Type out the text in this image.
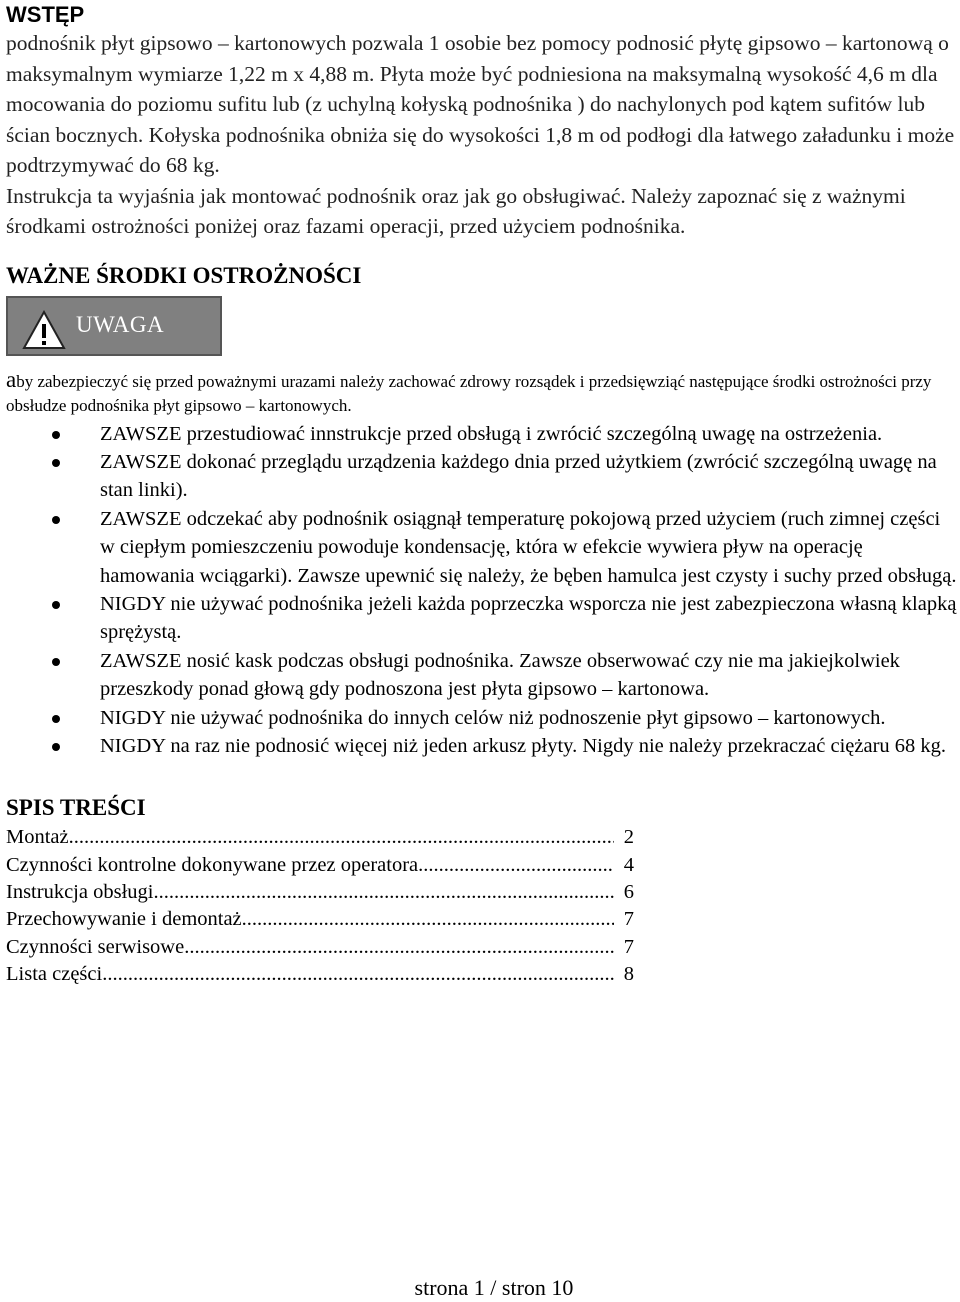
WSTĘP

podnośnik płyt gipsowo – kartonowych pozwala 1 osobie bez pomocy podnosić płytę gipsowo – kartonową o maksymalnym wymiarze 1,22 m x 4,88 m. Płyta może być podniesiona na maksymalną wysokość 4,6 m dla mocowania do poziomu sufitu lub (z uchylną kołyską podnośnika ) do nachylonych pod kątem sufitów lub ścian bocznych. Kołyska podnośnika obniża się do wysokości 1,8 m od podłogi dla łatwego załadunku i może podtrzymywać do 68 kg.

Instrukcja ta wyjaśnia jak montować podnośnik oraz jak go obsługiwać. Należy zapoznać się z ważnymi środkami ostrożności poniżej oraz fazami operacji, przed użyciem podnośnika.

WAŻNE ŚRODKI OSTROŻNOŚCI
UWAGA
aby zabezpieczyć się przed poważnymi urazami należy zachować zdrowy rozsądek i przedsięwziąć następujące środki ostrożności przy obsłudze podnośnika płyt gipsowo – kartonowych.
ZAWSZE przestudiować innstrukcje przed obsługą i zwrócić szczególną uwagę na ostrzeżenia.
ZAWSZE dokonać przeglądu urządzenia każdego dnia przed użytkiem (zwrócić szczególną uwagę na stan linki).
ZAWSZE odczekać aby podnośnik osiągnął temperaturę pokojową przed użyciem (ruch zimnej części w ciepłym pomieszczeniu powoduje kondensację, która w efekcie wywiera pływ na operację hamowania wciągarki). Zawsze upewnić się należy, że bęben hamulca jest czysty i suchy przed obsługą.
NIGDY nie używać podnośnika jeżeli każda poprzeczka wsporcza nie jest zabezpieczona własną klapką sprężystą.
ZAWSZE nosić kask podczas obsługi podnośnika. Zawsze obserwować czy nie ma jakiejkolwiek przeszkody ponad głową gdy podnoszona jest płyta gipsowo – kartonowa.
NIGDY nie używać podnośnika do innych celów niż podnoszenie płyt gipsowo – kartonowych.
NIGDY na raz nie podnosić więcej niż jeden arkusz płyty. Nigdy nie należy przekraczać ciężaru 68 kg.
SPIS TREŚCI
Montaż .....	2
Czynności kontrolne dokonywane przez operatora .....	4
Instrukcja obsługi .....	6
Przechowywanie i demontaż .....	7
Czynności serwisowe .....	7
Lista części .....	8
strona 1 / stron 10
